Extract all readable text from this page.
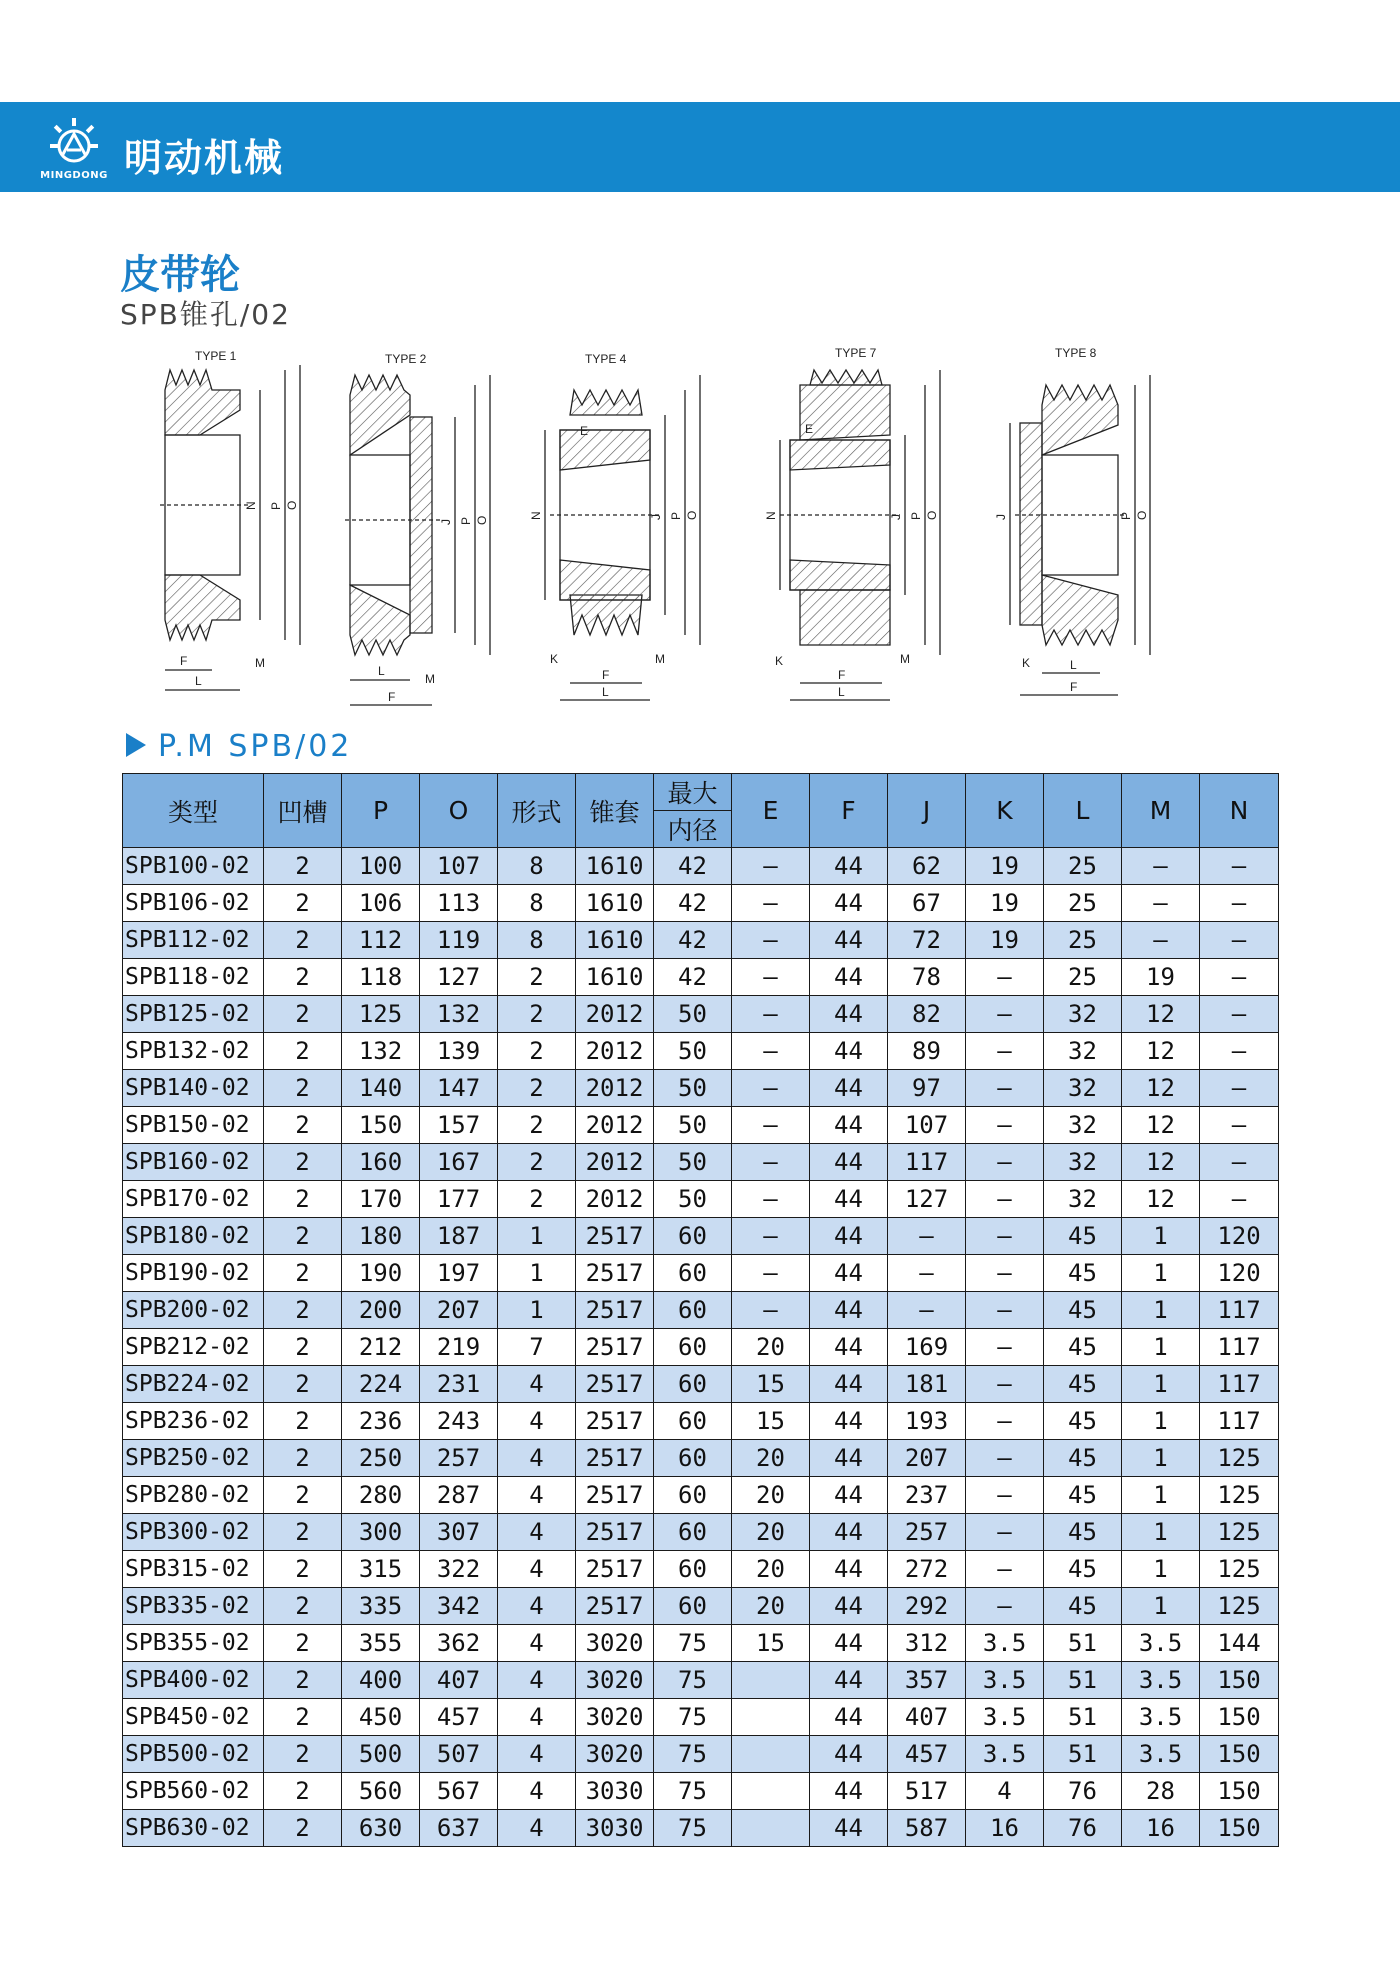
MINGDONG 明动机械
皮带轮
SPB锥孔/02
TYPE 1
N P O
F
L
M
TYPE 2
J P O
L
F
M
TYPE 4
E
N	J P O
K
F
L
M
TYPE 7
E
N	J P O
K
F
L
M
TYPE 8
J	P O
K	L
F
P.M SPB/02
类型	凹槽	P	O	形式	锥套	最大	E	F	J	K	L	M	N
						内径							
SPB100-02	2	100	107	8	1610	42	—	44	62	19	25	—	—
SPB106-02	2	106	113	8	1610	42	—	44	67	19	25	—	—
SPB112-02	2	112	119	8	1610	42	—	44	72	19	25	—	—
SPB118-02	2	118	127	2	1610	42	—	44	78	—	25	19	—
SPB125-02	2	125	132	2	2012	50	—	44	82	—	32	12	—
SPB132-02	2	132	139	2	2012	50	—	44	89	—	32	12	—
SPB140-02	2	140	147	2	2012	50	—	44	97	—	32	12	—
SPB150-02	2	150	157	2	2012	50	—	44	107	—	32	12	—
SPB160-02	2	160	167	2	2012	50	—	44	117	—	32	12	—
SPB170-02	2	170	177	2	2012	50	—	44	127	—	32	12	—
SPB180-02	2	180	187	1	2517	60	—	44	—	—	45	1	120
SPB190-02	2	190	197	1	2517	60	—	44	—	—	45	1	120
SPB200-02	2	200	207	1	2517	60	—	44	—	—	45	1	117
SPB212-02	2	212	219	7	2517	60	20	44	169	—	45	1	117
SPB224-02	2	224	231	4	2517	60	15	44	181	—	45	1	117
SPB236-02	2	236	243	4	2517	60	15	44	193	—	45	1	117
SPB250-02	2	250	257	4	2517	60	20	44	207	—	45	1	125
SPB280-02	2	280	287	4	2517	60	20	44	237	—	45	1	125
SPB300-02	2	300	307	4	2517	60	20	44	257	—	45	1	125
SPB315-02	2	315	322	4	2517	60	20	44	272	—	45	1	125
SPB335-02	2	335	342	4	2517	60	20	44	292	—	45	1	125
SPB355-02	2	355	362	4	3020	75	15	44	312	3.5	51	3.5	144
SPB400-02	2	400	407	4	3020	75		44	357	3.5	51	3.5	150
SPB450-02	2	450	457	4	3020	75		44	407	3.5	51	3.5	150
SPB500-02	2	500	507	4	3020	75		44	457	3.5	51	3.5	150
SPB560-02	2	560	567	4	3030	75		44	517	4	76	28	150
SPB630-02	2	630	637	4	3030	75		44	587	16	76	16	150
